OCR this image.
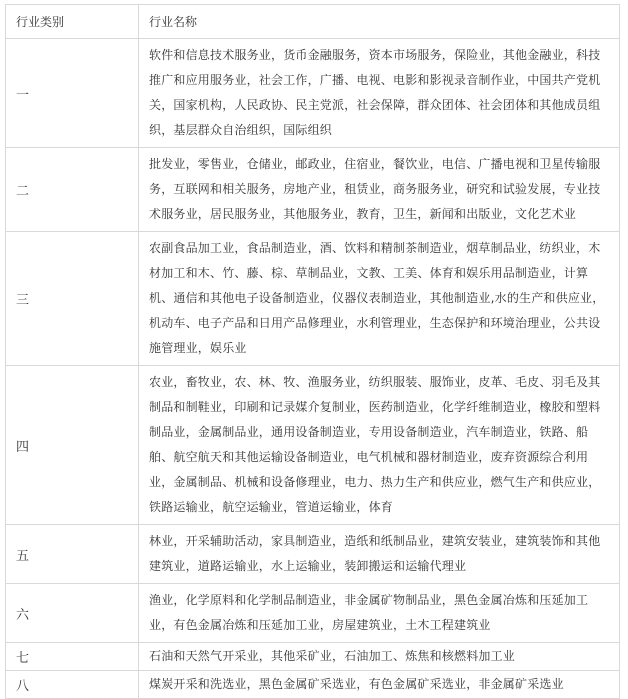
行业类别	行业名称
一	软件和信息技术服务业，货币金融服务，资本市场服务，保险业，其他金融业，科技推广和应用服务业，社会工作，广播、电视、电影和影视录音制作业，中国共产党机关，国家机构，人民政协、民主党派，社会保障，群众团体、社会团体和其他成员组织，基层群众自治组织，国际组织
二	批发业，零售业，仓储业，邮政业，住宿业，餐饮业，电信、广播电视和卫星传输服务，互联网和相关服务，房地产业，租赁业，商务服务业，研究和试验发展，专业技术服务业，居民服务业，其他服务业，教育，卫生，新闻和出版业，文化艺术业
三	农副食品加工业，食品制造业，酒、饮料和精制茶制造业，烟草制品业，纺织业，木材加工和木、竹、藤、棕、草制品业，文教、工美、体育和娱乐用品制造业，计算机、通信和其他电子设备制造业，仪器仪表制造业，其他制造业,水的生产和供应业，机动车、电子产品和日用产品修理业，水利管理业，生态保护和环境治理业，公共设施管理业，娱乐业
四	农业，畜牧业，农、林、牧、渔服务业，纺织服装、服饰业，皮革、毛皮、羽毛及其制品和制鞋业，印刷和记录媒介复制业，医药制造业，化学纤维制造业，橡胶和塑料制品业，金属制品业，通用设备制造业，专用设备制造业，汽车制造业，铁路、船舶、航空航天和其他运输设备制造业，电气机械和器材制造业，废弃资源综合利用业，金属制品、机械和设备修理业，电力、热力生产和供应业，燃气生产和供应业，铁路运输业，航空运输业，管道运输业，体育
五	林业，开采辅助活动，家具制造业，造纸和纸制品业，建筑安装业，建筑装饰和其他建筑业，道路运输业，水上运输业，装卸搬运和运输代理业
六	渔业，化学原料和化学制品制造业，非金属矿物制品业，黑色金属冶炼和压延加工业，有色金属冶炼和压延加工业，房屋建筑业，土木工程建筑业
七	石油和天然气开采业，其他采矿业，石油加工、炼焦和核燃料加工业
八	煤炭开采和洗选业，黑色金属矿采选业，有色金属矿采选业，非金属矿采选业
